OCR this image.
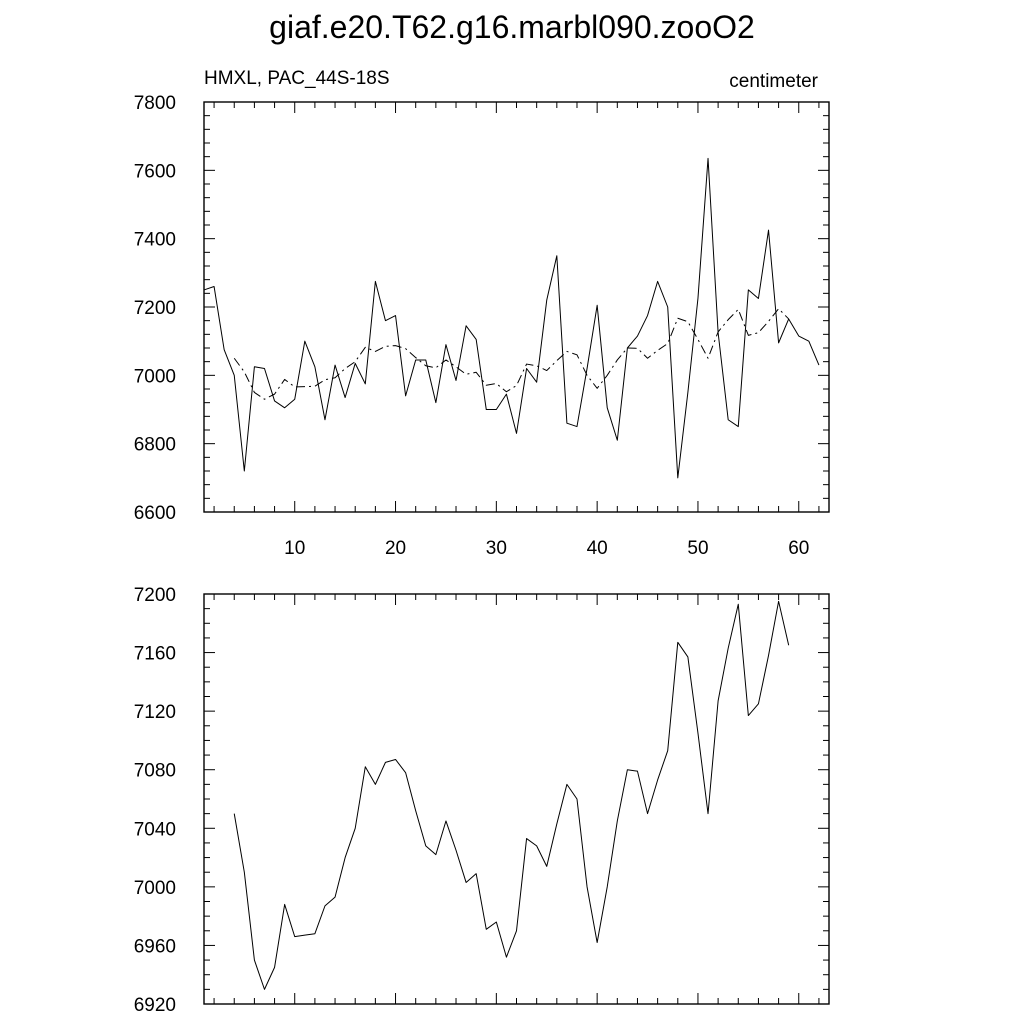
giaf.e20.T62.g16.marbl090.zooO2
HMXL, PAC_44S-18S	centimeter
6600
6800
7000
7200
7400
7600
7800
10	20	30	40	50	60
6920
6960
7000
7040
7080
7120
7160
7200
